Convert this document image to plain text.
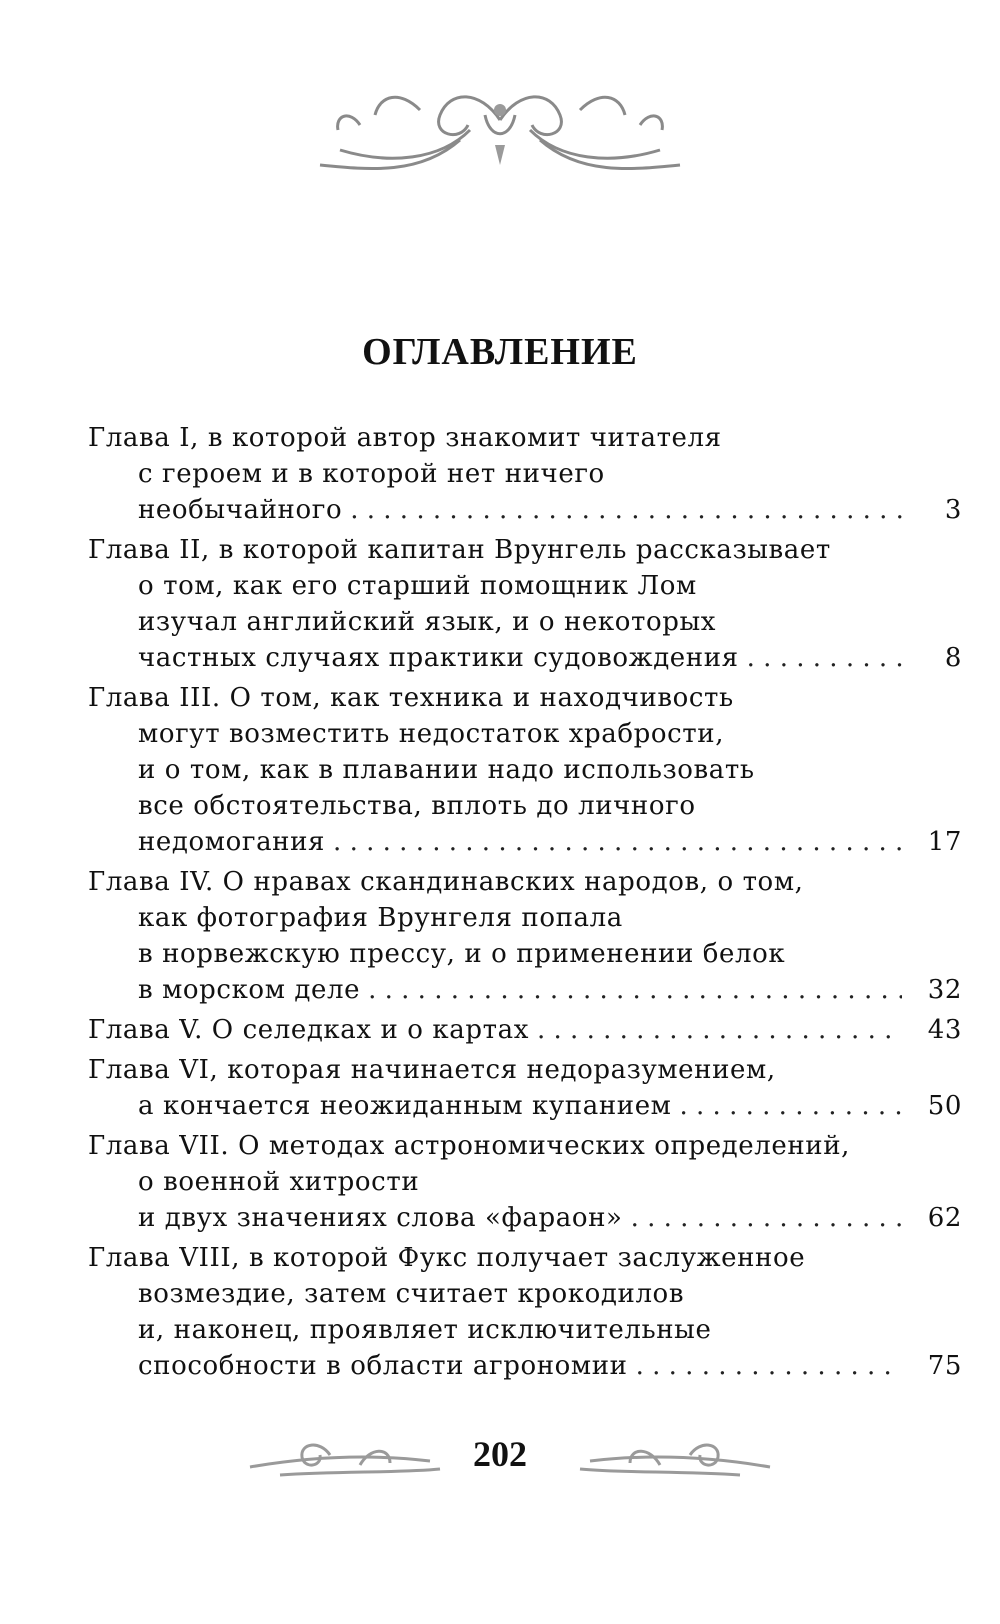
ОГЛАВЛЕНИЕ
Глава I, в которой автор знакомит читателя
с героем и в которой нет ничего
необычайного . . .	3
Глава II, в которой капитан Врунгель рассказывает
о том, как его старший помощник Лом
изучал английский язык, и о некоторых
частных случаях практики судовождения . . .	8
Глава III. О том, как техника и находчивость
могут возместить недостаток храбрости,
и о том, как в плавании надо использовать
все обстоятельства, вплоть до личного
недомогания . . .	17
Глава IV. О нравах скандинавских народов, о том,
как фотография Врунгеля попала
в норвежскую прессу, и о применении белок
в морском деле . . .	32
Глава V. О селедках и о картах . . .	43
Глава VI, которая начинается недоразумением,
а кончается неожиданным купанием . . .	50
Глава VII. О методах астрономических определений,
о военной хитрости
и двух значениях слова «фараон» . . .	62
Глава VIII, в которой Фукс получает заслуженное
возмездие, затем считает крокодилов
и, наконец, проявляет исключительные
способности в области агрономии . . .	75
202
